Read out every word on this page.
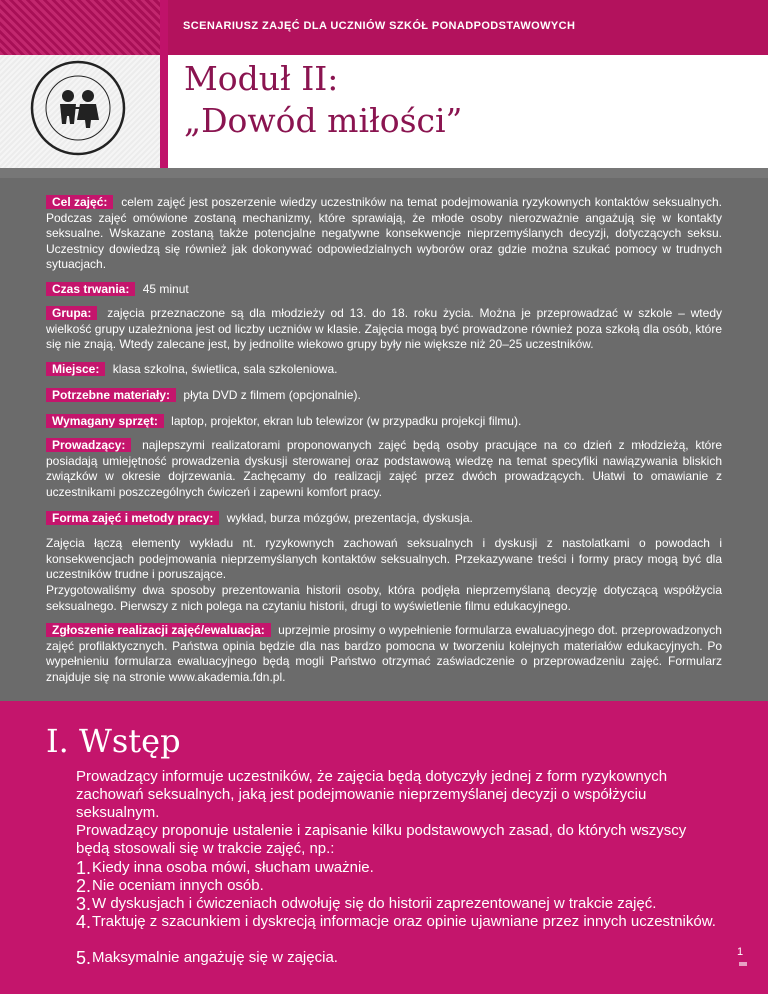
SCENARIUSZ ZAJĘĆ DLA UCZNIÓW SZKÓŁ PONADPODSTAWOWYCH
Moduł II:
„Dowód miłości”
Cel zajęć: celem zajęć jest poszerzenie wiedzy uczestników na temat podejmowania ryzykownych kontaktów seksualnych. Podczas zajęć omówione zostaną mechanizmy, które sprawiają, że młode osoby nierozważnie angażują się w kontakty seksualne. Wskazane zostaną także potencjalne negatywne konsekwencje nieprzemyślanych decyzji, dotyczących seksu. Uczestnicy dowiedzą się również jak dokonywać odpowiedzialnych wyborów oraz gdzie można szukać pomocy w trudnych sytuacjach.
Czas trwania: 45 minut
Grupa: zajęcia przeznaczone są dla młodzieży od 13. do 18. roku życia. Można je przeprowadzać w szkole – wtedy wielkość grupy uzależniona jest od liczby uczniów w klasie. Zajęcia mogą być prowadzone również poza szkołą dla osób, które się nie znają. Wtedy zalecane jest, by jednolite wiekowo grupy były nie większe niż 20–25 uczestników.
Miejsce: klasa szkolna, świetlica, sala szkoleniowa.
Potrzebne materiały: płyta DVD z filmem (opcjonalnie).
Wymagany sprzęt: laptop, projektor, ekran lub telewizor (w przypadku projekcji filmu).
Prowadzący: najlepszymi realizatorami proponowanych zajęć będą osoby pracujące na co dzień z młodzieżą, które posiadają umiejętność prowadzenia dyskusji sterowanej oraz podstawową wiedzę na temat specyfiki nawiązywania bliskich związków w okresie dojrzewania. Zachęcamy do realizacji zajęć przez dwóch prowadzących. Ułatwi to omawianie z uczestnikami poszczególnych ćwiczeń i zapewni komfort pracy.
Forma zajęć i metody pracy: wykład, burza mózgów, prezentacja, dyskusja.
Zajęcia łączą elementy wykładu nt. ryzykownych zachowań seksualnych i dyskusji z nastolatkami o powodach i konsekwencjach podejmowania nieprzemyślanych kontaktów seksualnych. Przekazywane treści i formy pracy mogą być dla uczestników trudne i poruszające.
Przygotowaliśmy dwa sposoby prezentowania historii osoby, która podjęła nieprzemyślaną decyzję dotyczącą współżycia seksualnego. Pierwszy z nich polega na czytaniu historii, drugi to wyświetlenie filmu edukacyjnego.
Zgłoszenie realizacji zajęć/ewaluacja: uprzejmie prosimy o wypełnienie formularza ewaluacyjnego dot. przeprowadzonych zajęć profilaktycznych. Państwa opinia będzie dla nas bardzo pomocna w tworzeniu kolejnych materiałów edukacyjnych. Po wypełnieniu formularza ewaluacyjnego będą mogli Państwo otrzymać zaświadczenie o przeprowadzeniu zajęć. Formularz znajduje się na stronie www.akademia.fdn.pl.
I. Wstęp
Prowadzący informuje uczestników, że zajęcia będą dotyczyły jednej z form ryzykownych zachowań seksualnych, jaką jest podejmowanie nieprzemyślanej decyzji o współżyciu seksualnym.
Prowadzący proponuje ustalenie i zapisanie kilku podstawowych zasad, do których wszyscy będą stosowali się w trakcie zajęć, np.:
1. Kiedy inna osoba mówi, słucham uważnie.
2. Nie oceniam innych osób.
3. W dyskusjach i ćwiczeniach odwołuję się do historii zaprezentowanej w trakcie zajęć.
4. Traktuję z szacunkiem i dyskrecją informacje oraz opinie ujawniane przez innych uczestników.
5. Maksymalnie angażuję się w zajęcia.	1
